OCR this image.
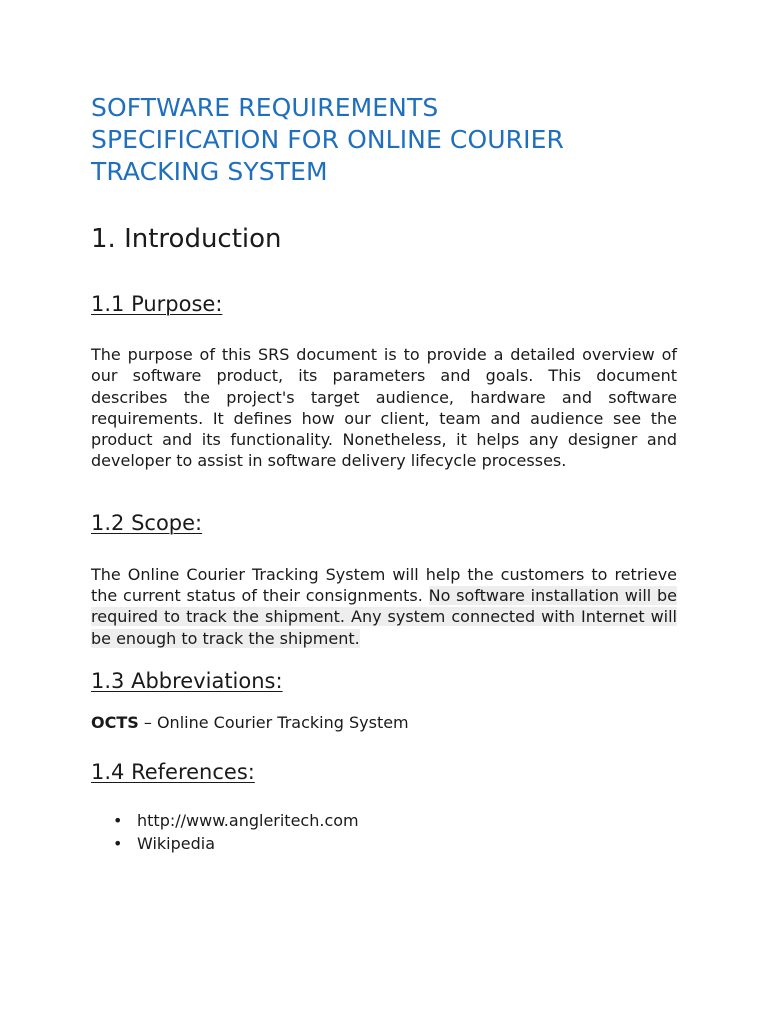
SOFTWARE REQUIREMENTS
SPECIFICATION FOR ONLINE COURIER
TRACKING SYSTEM
1. Introduction
1.1 Purpose:

The purpose of this SRS document is to provide a detailed overview of our software product, its parameters and goals. This document describes the project's target audience, hardware and software requirements. It defines how our client, team and audience see the product and its functionality. Nonetheless, it helps any designer and developer to assist in software delivery lifecycle processes.

1.2 Scope:

The Online Courier Tracking System will help the customers to retrieve the current status of their consignments. No software installation will be required to track the shipment. Any system connected with Internet will be enough to track the shipment.

1.3 Abbreviations:

OCTS – Online Courier Tracking System

1.4 References:
• http://www.angleritech.com
• Wikipedia
